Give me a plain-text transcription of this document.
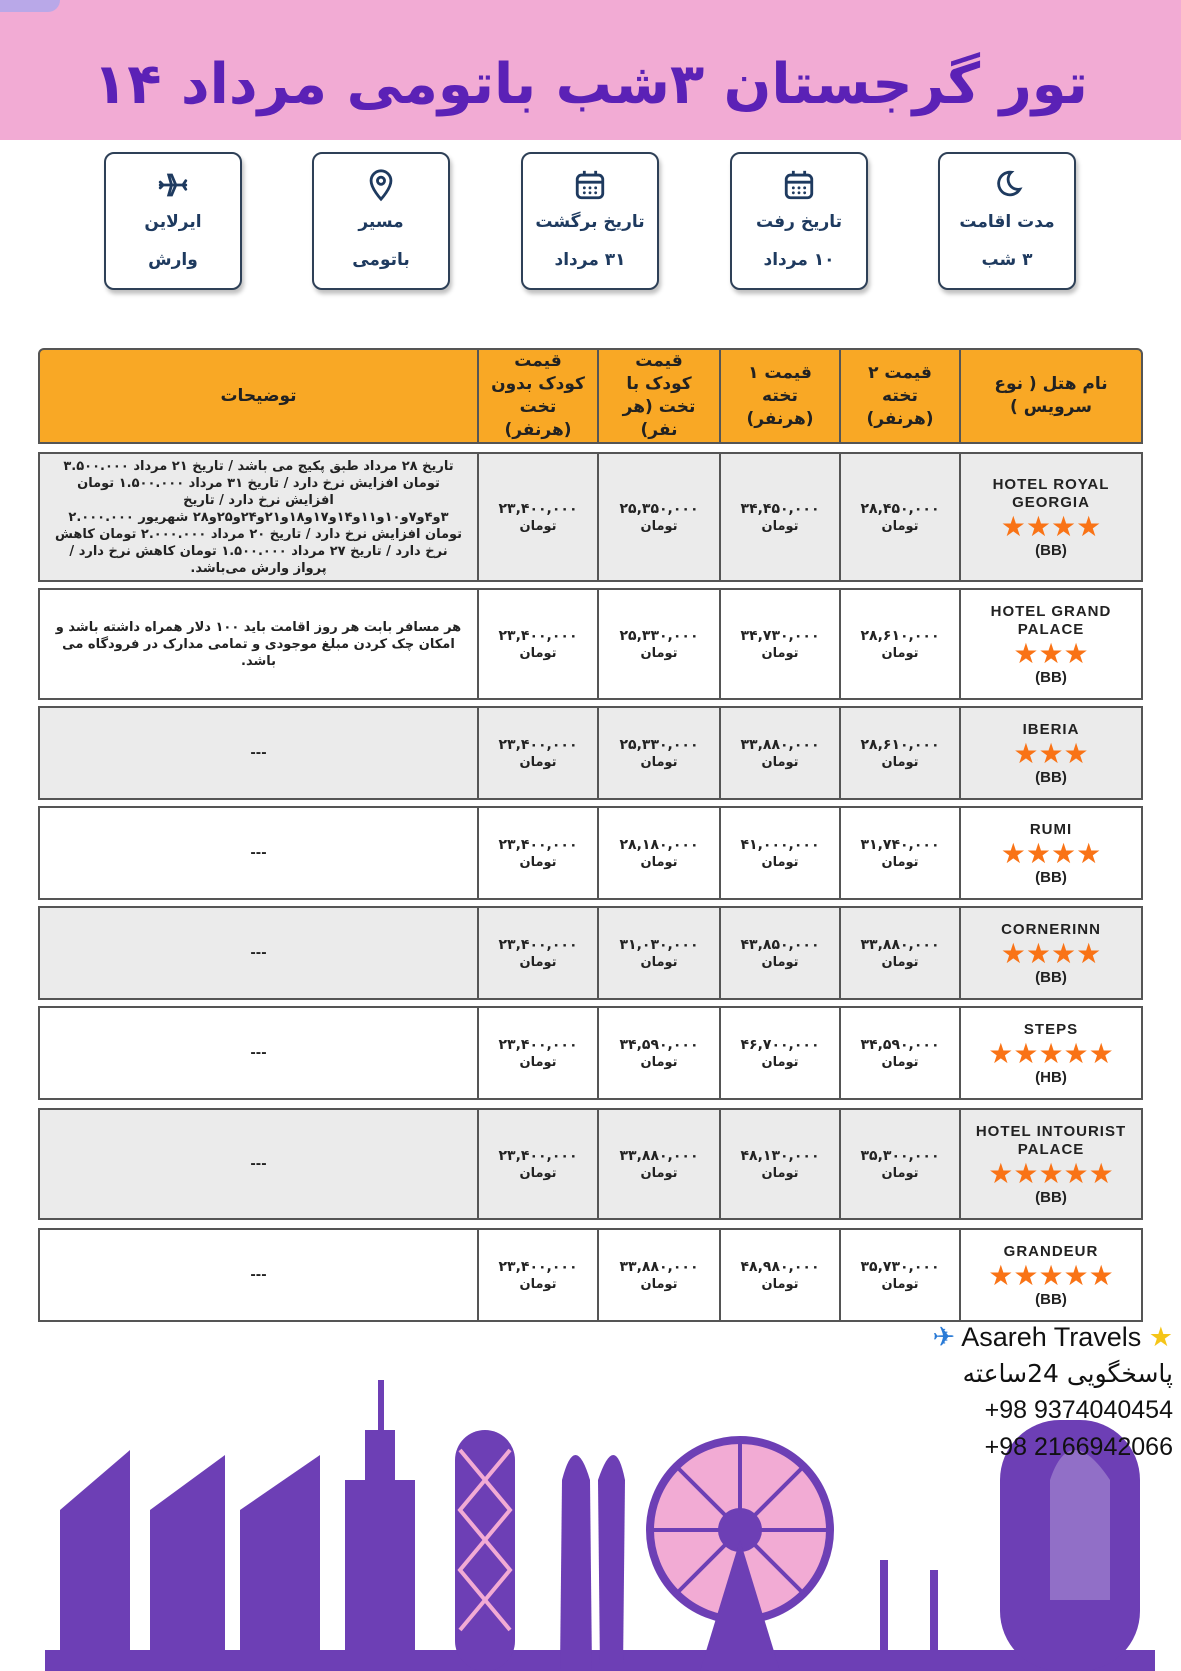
تور گرجستان ۳شب باتومی مرداد ۱۴
مدت اقامت
۳ شب
تاریخ رفت
۱۰ مرداد
تاریخ برگشت
۳۱ مرداد
مسیر
باتومی
ایرلاین
وارش
نام هتل ( نوع سرویس )
قیمت ۲ تخته (هرنفر)
قیمت ۱ تخته (هرنفر)
قیمت کودک با تخت (هر نفر)
قیمت کودک بدون تخت (هرنفر)
توضیحات
HOTEL ROYAL GEORGIA
★★★★
(BB)
۲۸,۴۵۰,۰۰۰
تومان
۳۴,۴۵۰,۰۰۰
تومان
۲۵,۳۵۰,۰۰۰
تومان
۲۳,۴۰۰,۰۰۰
تومان
تاریخ ۲۸ مرداد طبق پکیج می باشد / تاریخ ۲۱ مرداد ۳.۵۰۰.۰۰۰ تومان افزایش نرخ دارد / تاریخ ۳۱ مرداد ۱.۵۰۰.۰۰۰ تومان افزایش نرخ دارد / تاریخ ۳و۴و۷و۱۰و۱۱و۱۴و۱۷و۱۸و۲۱و۲۴و۲۵و۲۸ شهریور ۲.۰۰۰.۰۰۰ تومان افزایش نرخ دارد / تاریخ ۲۰ مرداد ۲.۰۰۰.۰۰۰ تومان کاهش نرخ دارد / تاریخ ۲۷ مرداد ۱.۵۰۰.۰۰۰ تومان کاهش نرخ دارد / پرواز وارش می‌باشد.
HOTEL GRAND PALACE
★★★
(BB)
۲۸,۶۱۰,۰۰۰
تومان
۳۴,۷۳۰,۰۰۰
تومان
۲۵,۳۳۰,۰۰۰
تومان
۲۳,۴۰۰,۰۰۰
تومان
هر مسافر بابت هر روز اقامت باید ۱۰۰ دلار همراه داشته باشد و امکان چک کردن مبلغ موجودی و تمامی مدارک در فرودگاه می باشد.
IBERIA
★★★
(BB)
۲۸,۶۱۰,۰۰۰
تومان
۳۳,۸۸۰,۰۰۰
تومان
۲۵,۳۳۰,۰۰۰
تومان
۲۳,۴۰۰,۰۰۰
تومان
---
RUMI
★★★★
(BB)
۳۱,۷۴۰,۰۰۰
تومان
۴۱,۰۰۰,۰۰۰
تومان
۲۸,۱۸۰,۰۰۰
تومان
۲۳,۴۰۰,۰۰۰
تومان
---
CORNERINN
★★★★
(BB)
۳۳,۸۸۰,۰۰۰
تومان
۴۳,۸۵۰,۰۰۰
تومان
۳۱,۰۳۰,۰۰۰
تومان
۲۳,۴۰۰,۰۰۰
تومان
---
STEPS
★★★★★
(HB)
۳۴,۵۹۰,۰۰۰
تومان
۴۶,۷۰۰,۰۰۰
تومان
۳۴,۵۹۰,۰۰۰
تومان
۲۳,۴۰۰,۰۰۰
تومان
---
HOTEL INTOURIST PALACE
★★★★★
(BB)
۳۵,۳۰۰,۰۰۰
تومان
۴۸,۱۳۰,۰۰۰
تومان
۳۳,۸۸۰,۰۰۰
تومان
۲۳,۴۰۰,۰۰۰
تومان
---
GRANDEUR
★★★★★
(BB)
۳۵,۷۳۰,۰۰۰
تومان
۴۸,۹۸۰,۰۰۰
تومان
۳۳,۸۸۰,۰۰۰
تومان
۲۳,۴۰۰,۰۰۰
تومان
---
✈ Asareh Travels ★
پاسخگویی 24ساعته
+98 9374040454
+98 2166942066
